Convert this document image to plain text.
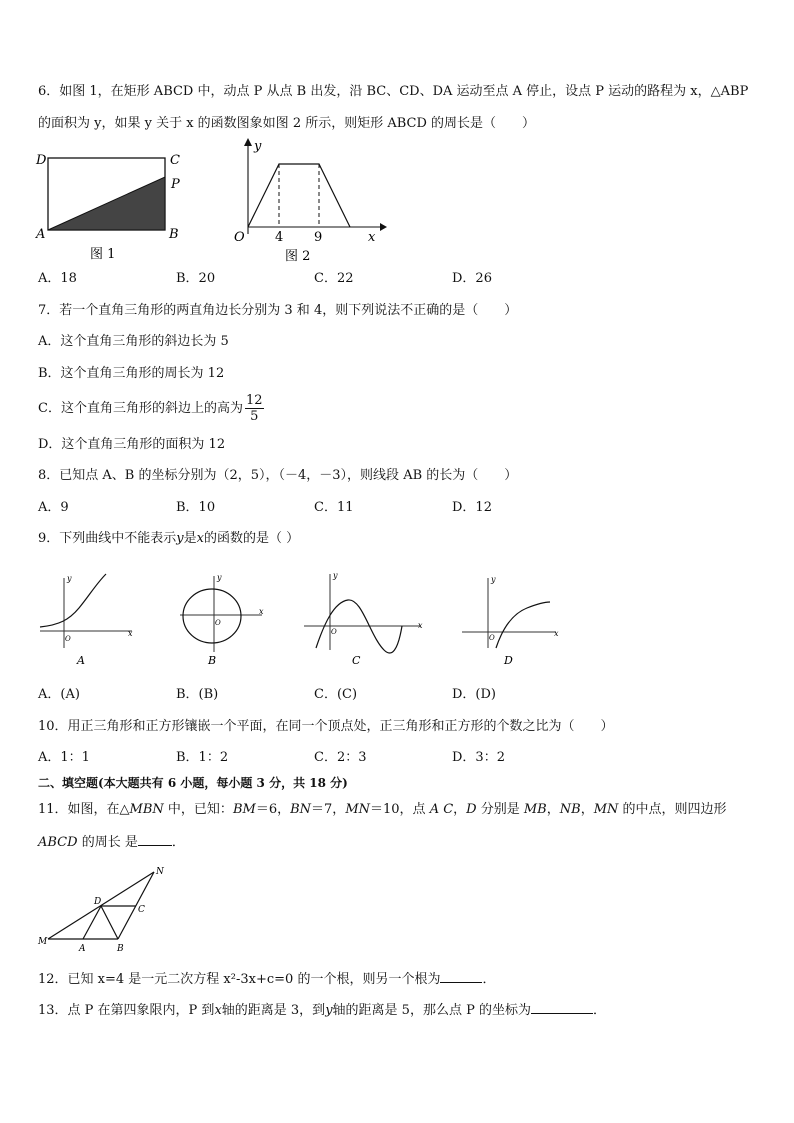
6．如图 1，在矩形 ABCD 中，动点 P 从点 B 出发，沿 BC、CD、DA 运动至点 A 停止，设点 P 运动的路程为 x，△ABP
的面积为 y，如果 y 关于 x 的函数图象如图 2 所示，则矩形 ABCD 的周长是（　　）
D	C
P
A	B
图 1
y
O 4 9	x
图 2
A．18	B．20	C．22	D．26
7．若一个直角三角形的两直角边长分别为 3 和 4，则下列说法不正确的是（　　）
A．这个直角三角形的斜边长为 5
B．这个直角三角形的周长为 12
C．这个直角三角形的斜边上的高为 $\frac{12}{5}$
D．这个直角三角形的面积为 12
8．已知点 A、B 的坐标分别为（2，5），（－4，－3），则线段 AB 的长为（　　）
A．9	B．10	C．11	D．12
9．下列曲线中不能表示y是x的函数的是（ ）
y
O
x
A
y
O
x
B
y
O
x
C
y
O	x
D
A．(A)	B．(B)	C．(C)	D．(D)
10．用正三角形和正方形镶嵌一个平面，在同一个顶点处，正三角形和正方形的个数之比为（　　）
A．1：1	B．1：2	C．2：3	D．3：2
二、填空题(本大题共有 6 小题，每小题 3 分，共 18 分)
11．如图，在△MBN 中，已知：BM＝6，BN＝7，MN＝10，点 A C，D 分别是 MB，NB，MN 的中点，则四边形
ABCD 的周长 是	．
N
D
C
M
A	B
12．已知 x=4 是一元二次方程 x²-3x+c=0 的一个根，则另一个根为	．
13．点 P 在第四象限内，P 到x轴的距离是 3，到y轴的距离是 5，那么点 P 的坐标为	．
